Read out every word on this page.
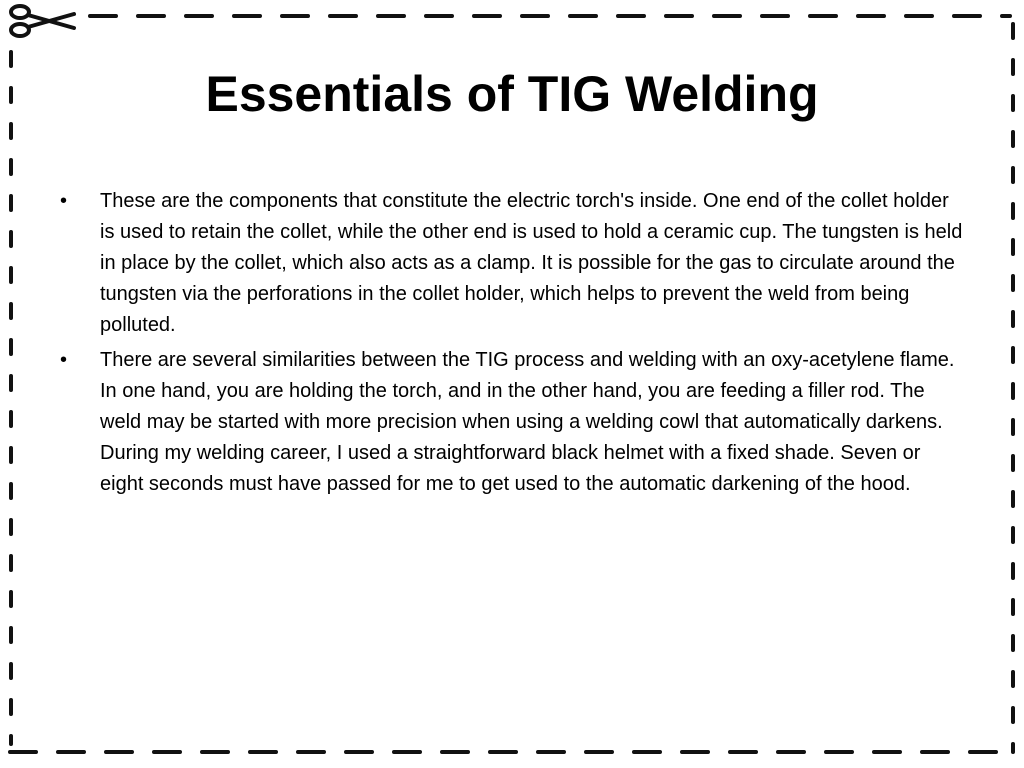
Essentials of TIG Welding
• These are the components that constitute the electric torch's inside. One end of the collet holder is used to retain the collet, while the other end is used to hold a ceramic cup. The tungsten is held in place by the collet, which also acts as a clamp. It is possible for the gas to circulate around the tungsten via the perforations in the collet holder, which helps to prevent the weld from being polluted.
• There are several similarities between the TIG process and welding with an oxy-acetylene flame. In one hand, you are holding the torch, and in the other hand, you are feeding a filler rod. The weld may be started with more precision when using a welding cowl that automatically darkens. During my welding career, I used a straightforward black helmet with a fixed shade. Seven or eight seconds must have passed for me to get used to the automatic darkening of the hood.
